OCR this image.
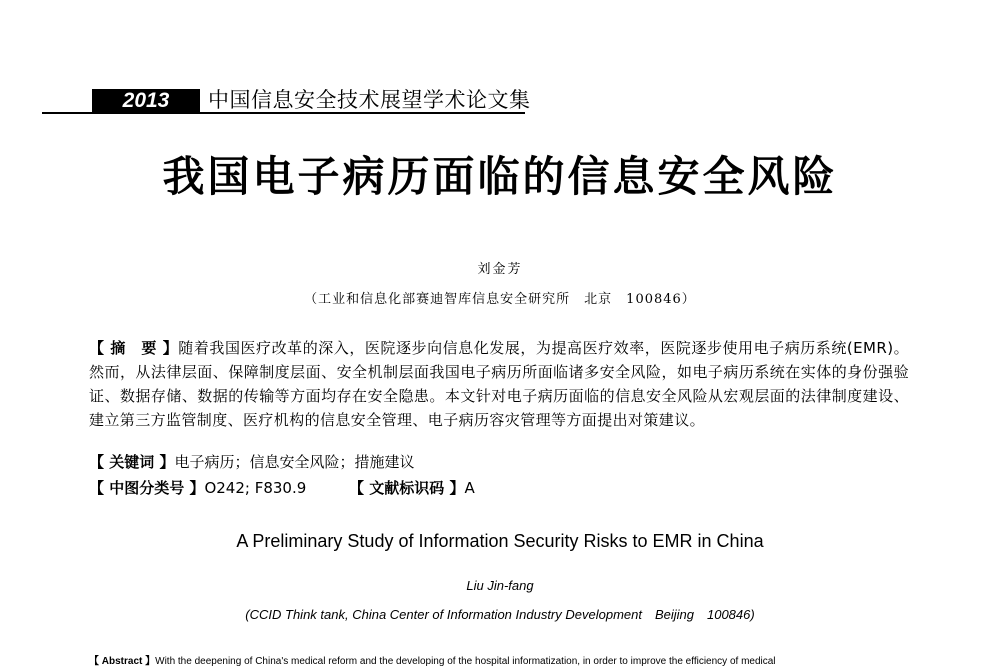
2013	中国信息安全技术展望学术论文集
我国电子病历面临的信息安全风险
刘金芳
（工业和信息化部赛迪智库信息安全研究所　北京　100846）

【 摘　要 】随着我国医疗改革的深入，医院逐步向信息化发展，为提高医疗效率，医院逐步使用电子病历系统(EMR)。然而，从法律层面、保障制度层面、安全机制层面我国电子病历所面临诸多安全风险，如电子病历系统在实体的身份强验证、数据存储、数据的传输等方面均存在安全隐患。本文针对电子病历面临的信息安全风险从宏观层面的法律制度建设、建立第三方监管制度、医疗机构的信息安全管理、电子病历容灾管理等方面提出对策建议。

【 关键词 】电子病历；信息安全风险；措施建议
【 中图分类号 】O242; F830.9	【 文献标识码 】A
A Preliminary Study of Information Security Risks to EMR in China
Liu Jin-fang
(CCID Think tank, China Center of Information Industry Development　Beijing　100846)
【 Abstract 】With the deepening of China's medical reform and the developing of the hospital informatization, in order to improve the efficiency of medical
